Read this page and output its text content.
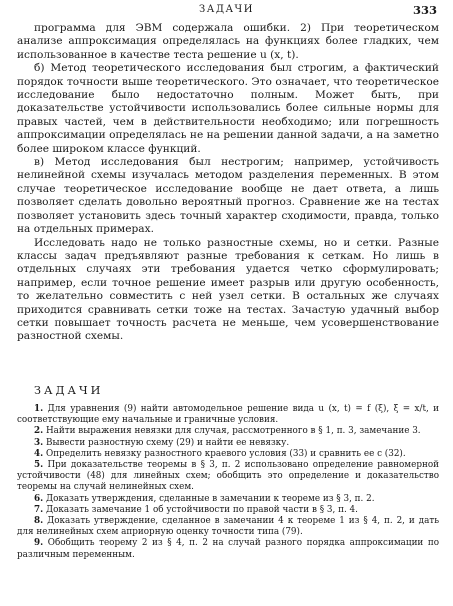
ЗАДАЧИ	333

программа для ЭВМ содержала ошибки. 2) При теоретическом анализе аппроксимация определялась на функциях более гладких, чем использованное в качестве теста решение u (x, t).

б) Метод теоретического исследования был строгим, а фактический порядок точности выше теоретического. Это означает, что теоретическое исследование было недостаточно полным. Может быть, при доказательстве устойчивости использовались более сильные нормы для правых частей, чем в действительности необходимо; или погрешность аппроксимации определялась не на решении данной задачи, а на заметно более широком классе функций.

в) Метод исследования был нестрогим; например, устойчивость нелинейной схемы изучалась методом разделения переменных. В этом случае теоретическое исследование вообще не дает ответа, а лишь позволяет сделать довольно вероятный прогноз. Сравнение же на тестах позволяет установить здесь точный характер сходимости, правда, только на отдельных примерах.

Исследовать надо не только разностные схемы, но и сетки. Разные классы задач предъявляют разные требования к сеткам. Но лишь в отдельных случаях эти требования удается четко сформулировать; например, если точное решение имеет разрыв или другую особенность, то желательно совместить с ней узел сетки. В остальных же случаях приходится сравнивать сетки тоже на тестах. Зачастую удачный выбор сетки повышает точность расчета не меньше, чем усовершенствование разностной схемы.

ЗАДАЧИ

1. Для уравнения (9) найти автомодельное решение вида u (x, t) = f (ξ), ξ = x/t, и соответствующие ему начальные и граничные условия.

2. Найти выражения невязки для случая, рассмотренного в § 1, п. 3, замечание 3.

3. Вывести разностную схему (29) и найти ее невязку.

4. Определить невязку разностного краевого условия (33) и сравнить ее с (32).

5. При доказательстве теоремы в § 3, п. 2 использовано определение равномерной устойчивости (48) для линейных схем; обобщить это определение и доказательство теоремы на случай нелинейных схем.

6. Доказать утверждения, сделанные в замечании к теореме из § 3, п. 2.

7. Доказать замечание 1 об устойчивости по правой части в § 3, п. 4.

8. Доказать утверждение, сделанное в замечании 4 к теореме 1 из § 4, п. 2, и дать для нелинейных схем априорную оценку точности типа (79).

9. Обобщить теорему 2 из § 4, п. 2 на случай разного порядка аппроксимации по различным переменным.
